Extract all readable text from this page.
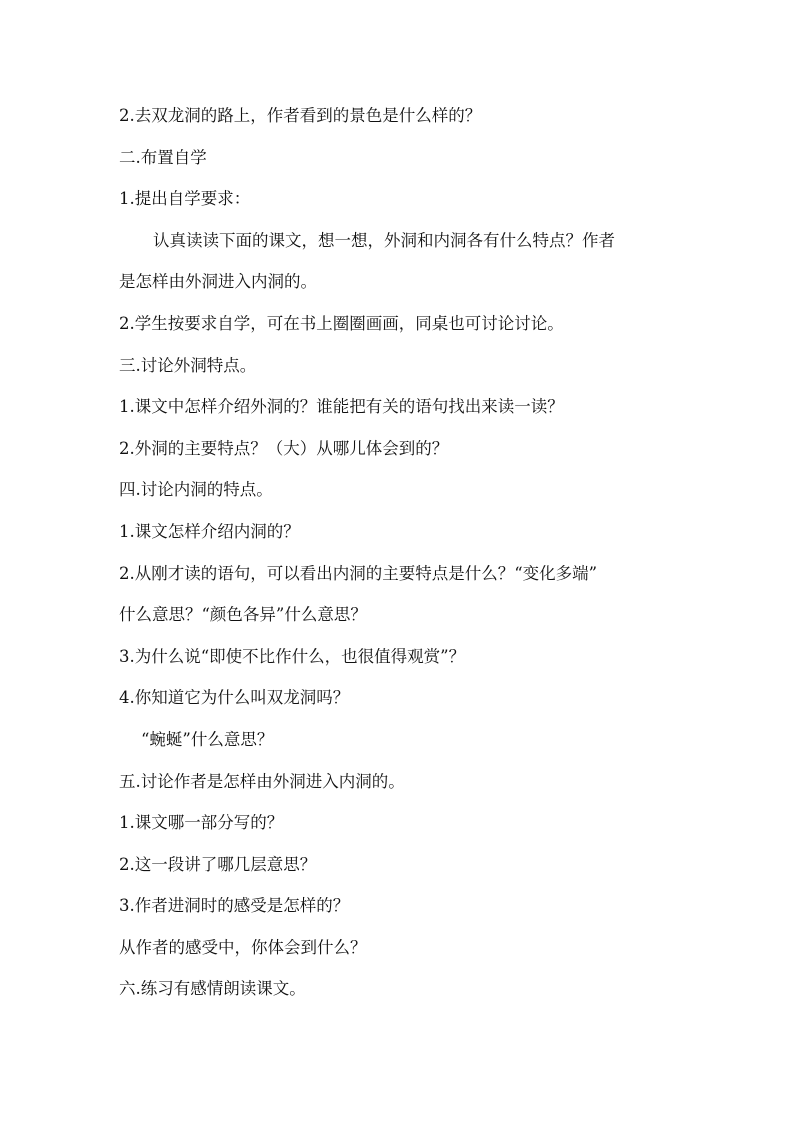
2.去双龙洞的路上，作者看到的景色是什么样的？
二.布置自学
1.提出自学要求：
认真读读下面的课文，想一想，外洞和内洞各有什么特点？作者
是怎样由外洞进入内洞的。
2.学生按要求自学，可在书上圈圈画画，同桌也可讨论讨论。
三.讨论外洞特点。
1.课文中怎样介绍外洞的？谁能把有关的语句找出来读一读？
2.外洞的主要特点？（大）从哪儿体会到的？
四.讨论内洞的特点。
1.课文怎样介绍内洞的？
2.从刚才读的语句，可以看出内洞的主要特点是什么？“变化多端”
什么意思？“颜色各异”什么意思？
3.为什么说“即使不比作什么，也很值得观赏”？
4.你知道它为什么叫双龙洞吗？
“蜿蜒”什么意思？
五.讨论作者是怎样由外洞进入内洞的。
1.课文哪一部分写的？
2.这一段讲了哪几层意思？
3.作者进洞时的感受是怎样的？
从作者的感受中，你体会到什么？
六.练习有感情朗读课文。
